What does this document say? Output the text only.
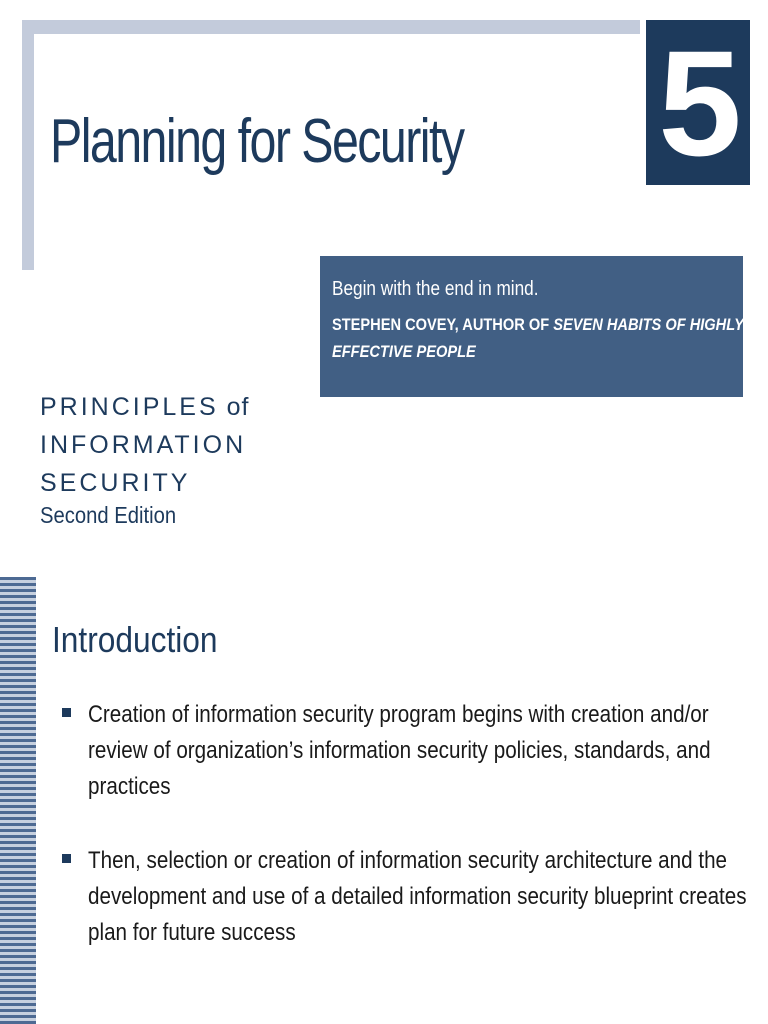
5
Planning for Security
Begin with the end in mind.
STEPHEN COVEY, AUTHOR OF SEVEN HABITS OF HIGHLY EFFECTIVE PEOPLE
PRINCIPLES of
INFORMATION
SECURITY
Second Edition
Introduction
Creation of information security program begins with creation and/or review of organization’s information security policies, standards, and practices
Then, selection or creation of information security architecture and the development and use of a detailed information security blueprint creates plan for future success
